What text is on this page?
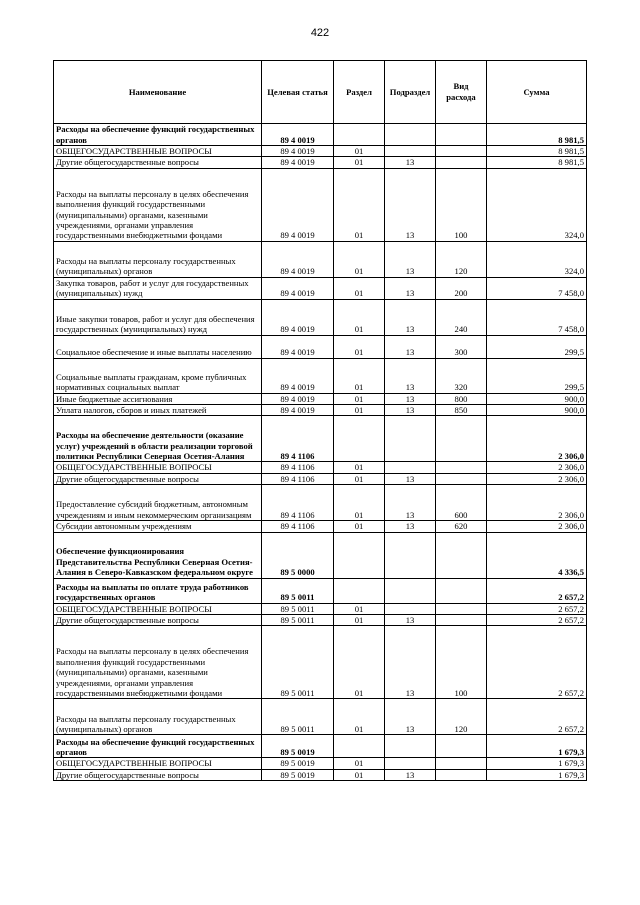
422
Наименование	Целевая статья	Раздел	Подраздел	Вид расхода	Сумма
Расходы на обеспечение функций государственных органов	89 4 0019				8 981,5
ОБЩЕГОСУДАРСТВЕННЫЕ ВОПРОСЫ	89 4 0019	01			8 981,5
Другие общегосударственные вопросы	89 4 0019	01	13		8 981,5
Расходы на выплаты персоналу в целях обеспечения выполнения функций государственными (муниципальными) органами, казенными учреждениями, органами управления государственными внебюджетными фондами	89 4 0019	01	13	100	324,0
Расходы на выплаты персоналу государственных (муниципальных) органов	89 4 0019	01	13	120	324,0
Закупка товаров, работ и услуг для государственных (муниципальных) нужд	89 4 0019	01	13	200	7 458,0
Иные закупки товаров, работ и услуг для обеспечения государственных (муниципальных) нужд	89 4 0019	01	13	240	7 458,0
Социальное обеспечение и иные выплаты населению	89 4 0019	01	13	300	299,5
Социальные выплаты гражданам, кроме публичных нормативных социальных выплат	89 4 0019	01	13	320	299,5
Иные бюджетные ассигнования	89 4 0019	01	13	800	900,0
Уплата налогов, сборов и иных платежей	89 4 0019	01	13	850	900,0
Расходы на обеспечение деятельности (оказание услуг) учреждений в области реализации торговой политики Республики Северная Осетия-Алания	89 4 1106				2 306,0
ОБЩЕГОСУДАРСТВЕННЫЕ ВОПРОСЫ	89 4 1106	01			2 306,0
Другие общегосударственные вопросы	89 4 1106	01	13		2 306,0
Предоставление субсидий бюджетным, автономным учреждениям и иным некоммерческим организациям	89 4 1106	01	13	600	2 306,0
Субсидии автономным учреждениям	89 4 1106	01	13	620	2 306,0
Обеспечение функционирования Представительства Республики Северная Осетия-Алания в Северо-Кавказском федеральном округе	89 5 0000				4 336,5
Расходы на выплаты по оплате труда работников государственных органов	89 5 0011				2 657,2
ОБЩЕГОСУДАРСТВЕННЫЕ ВОПРОСЫ	89 5 0011	01			2 657,2
Другие общегосударственные вопросы	89 5 0011	01	13		2 657,2
Расходы на выплаты персоналу в целях обеспечения выполнения функций государственными (муниципальными) органами, казенными учреждениями, органами управления государственными внебюджетными фондами	89 5 0011	01	13	100	2 657,2
Расходы на выплаты персоналу государственных (муниципальных) органов	89 5 0011	01	13	120	2 657,2
Расходы на обеспечение функций государственных органов	89 5 0019				1 679,3
ОБЩЕГОСУДАРСТВЕННЫЕ ВОПРОСЫ	89 5 0019	01			1 679,3
Другие общегосударственные вопросы	89 5 0019	01	13		1 679,3
